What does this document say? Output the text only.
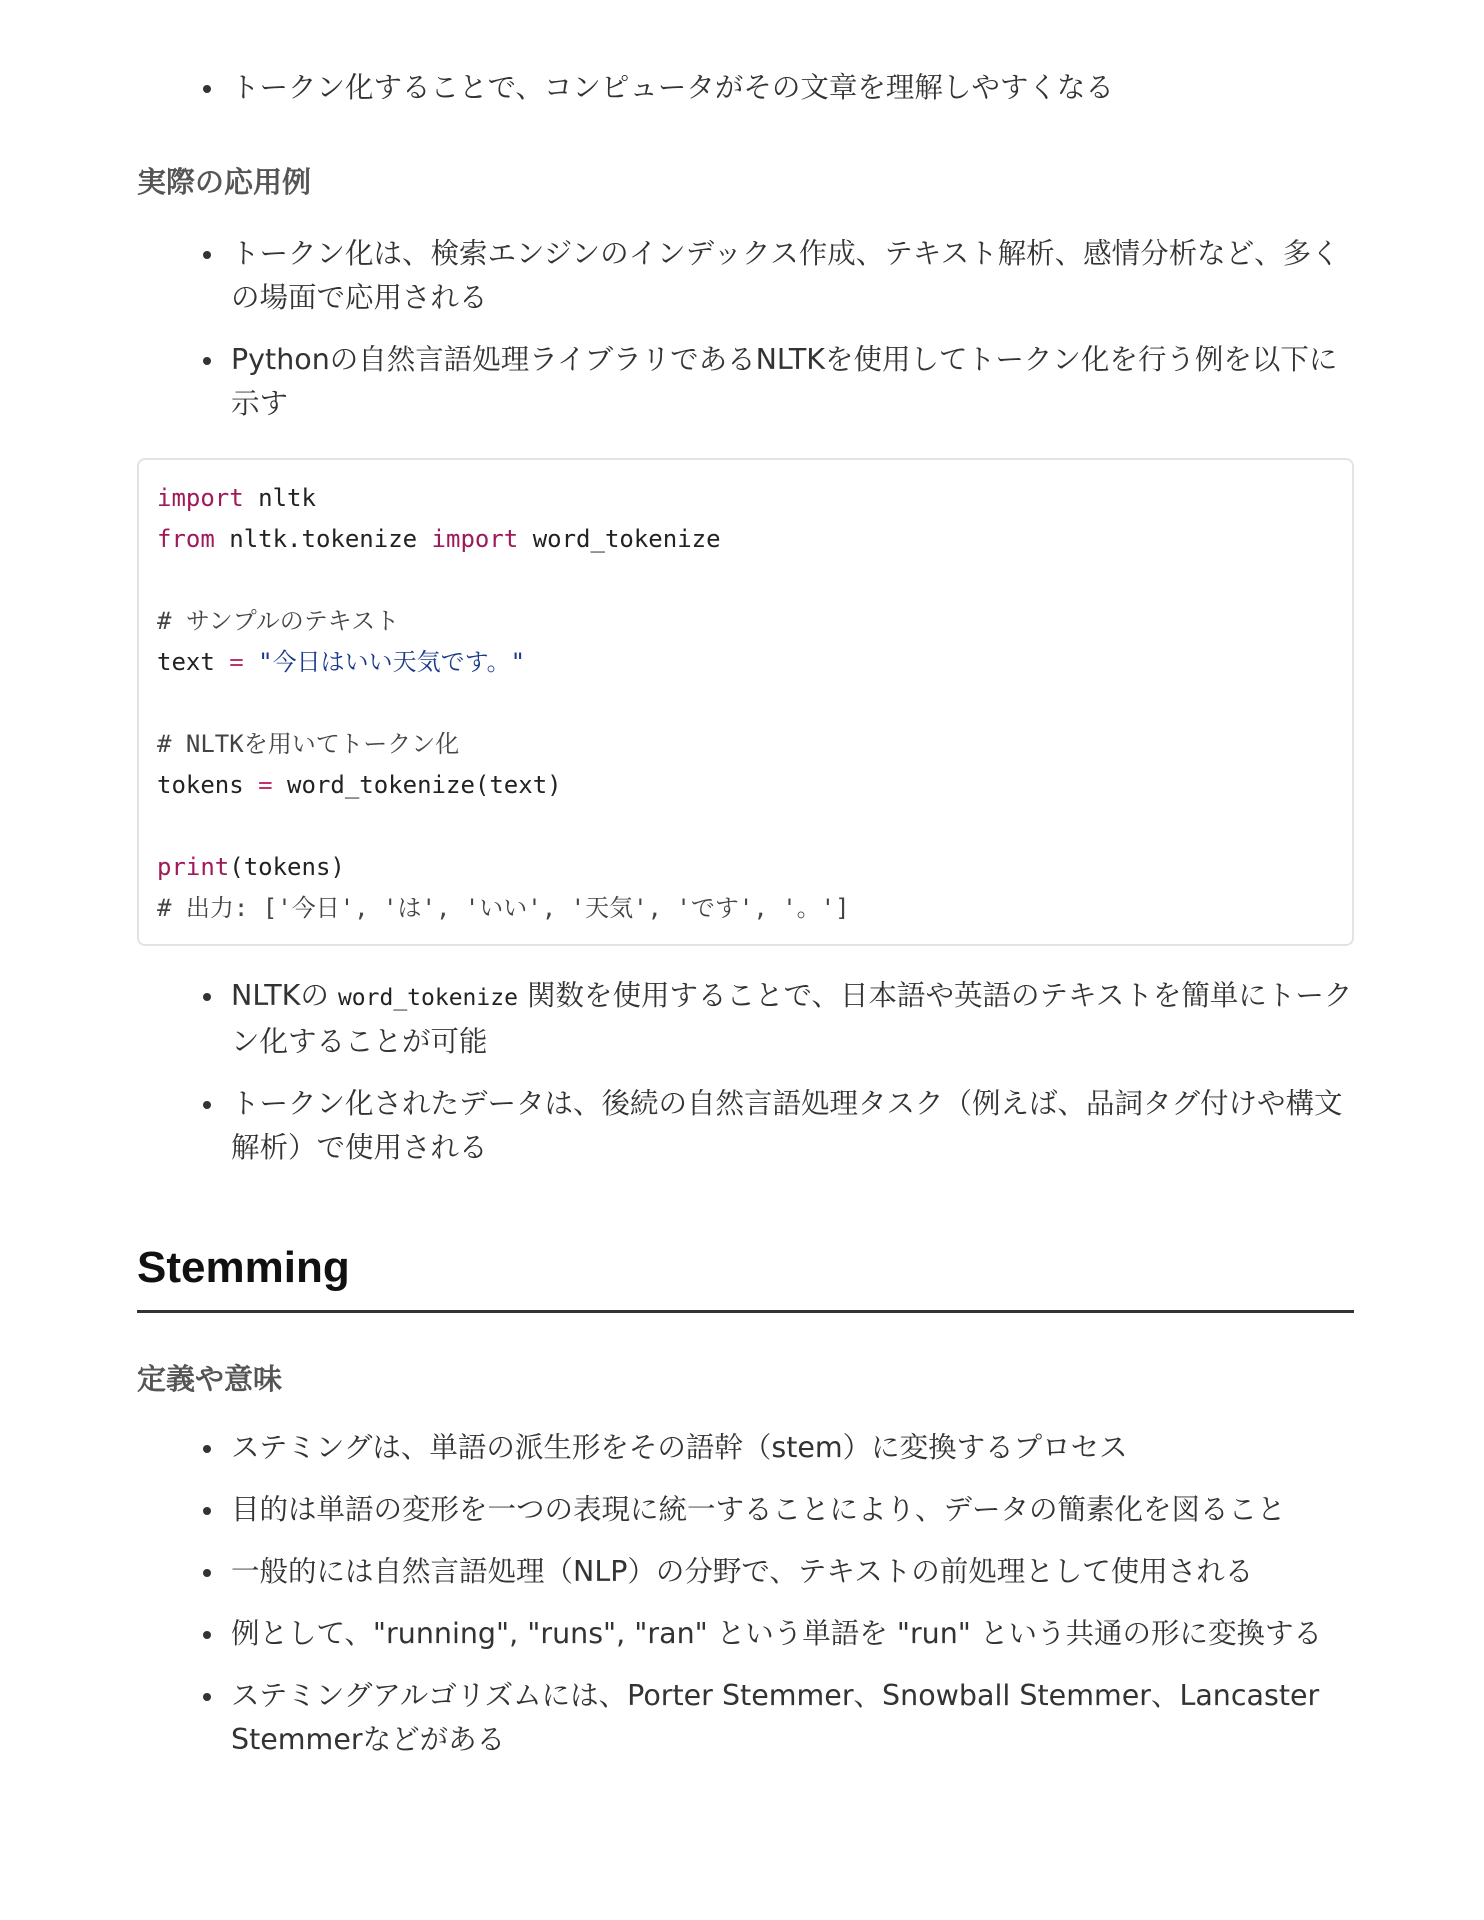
トークン化することで、コンピュータがその文章を理解しやすくなる
実際の応用例
トークン化は、検索エンジンのインデックス作成、テキスト解析、感情分析など、多くの場面で応用される
Pythonの自然言語処理ライブラリであるNLTKを使用してトークン化を行う例を以下に示す
import nltk
from nltk.tokenize import word_tokenize
# サンプルのテキスト
text = "今日はいい天気です。"
# NLTKを用いてトークン化
tokens = word_tokenize(text)
print(tokens)
# 出力: ['今日', 'は', 'いい', '天気', 'です', '。']
NLTKの word_tokenize 関数を使用することで、日本語や英語のテキストを簡単にトークン化することが可能
トークン化されたデータは、後続の自然言語処理タスク（例えば、品詞タグ付けや構文解析）で使用される
Stemming
定義や意味
ステミングは、単語の派生形をその語幹（stem）に変換するプロセス
目的は単語の変形を一つの表現に統一することにより、データの簡素化を図ること
一般的には自然言語処理（NLP）の分野で、テキストの前処理として使用される
例として、"running", "runs", "ran" という単語を "run" という共通の形に変換する
ステミングアルゴリズムには、Porter Stemmer、Snowball Stemmer、Lancaster Stemmerなどがある
